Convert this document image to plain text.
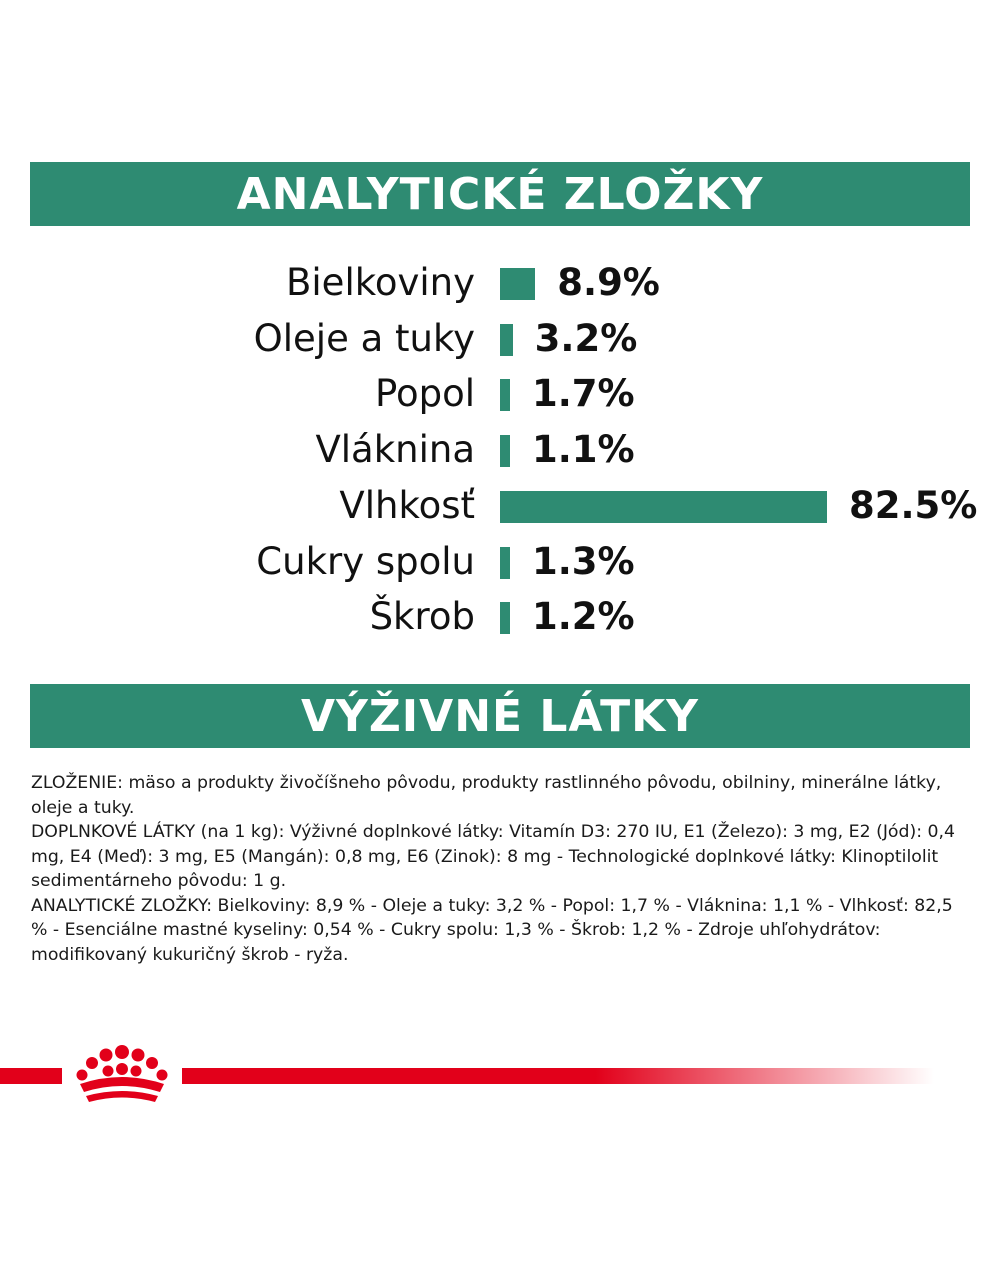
ANALYTICKÉ ZLOŽKY
Bielkoviny 8.9%
Oleje a tuky 3.2%
Popol 1.7%
Vláknina 1.1%
Vlhkosť	82.5%
Cukry spolu 1.3%
Škrob 1.2%
VÝŽIVNÉ LÁTKY

ZLOŽENIE: mäso a produkty živočíšneho pôvodu, produkty rastlinného pôvodu, obilniny, minerálne látky, oleje a tuky.

DOPLNKOVÉ LÁTKY (na 1 kg): Výživné doplnkové látky: Vitamín D3: 270 IU, E1 (Železo): 3 mg, E2 (Jód): 0,4 mg, E4 (Meď): 3 mg, E5 (Mangán): 0,8 mg, E6 (Zinok): 8 mg - Technologické doplnkové látky: Klinoptilolit sedimentárneho pôvodu: 1 g.

ANALYTICKÉ ZLOŽKY: Bielkoviny: 8,9 % - Oleje a tuky: 3,2 % - Popol: 1,7 % - Vláknina: 1,1 % - Vlhkosť: 82,5 % - Esenciálne mastné kyseliny: 0,54 % - Cukry spolu: 1,3 % - Škrob: 1,2 % - Zdroje uhľohydrátov: modifikovaný kukuričný škrob - ryža.
